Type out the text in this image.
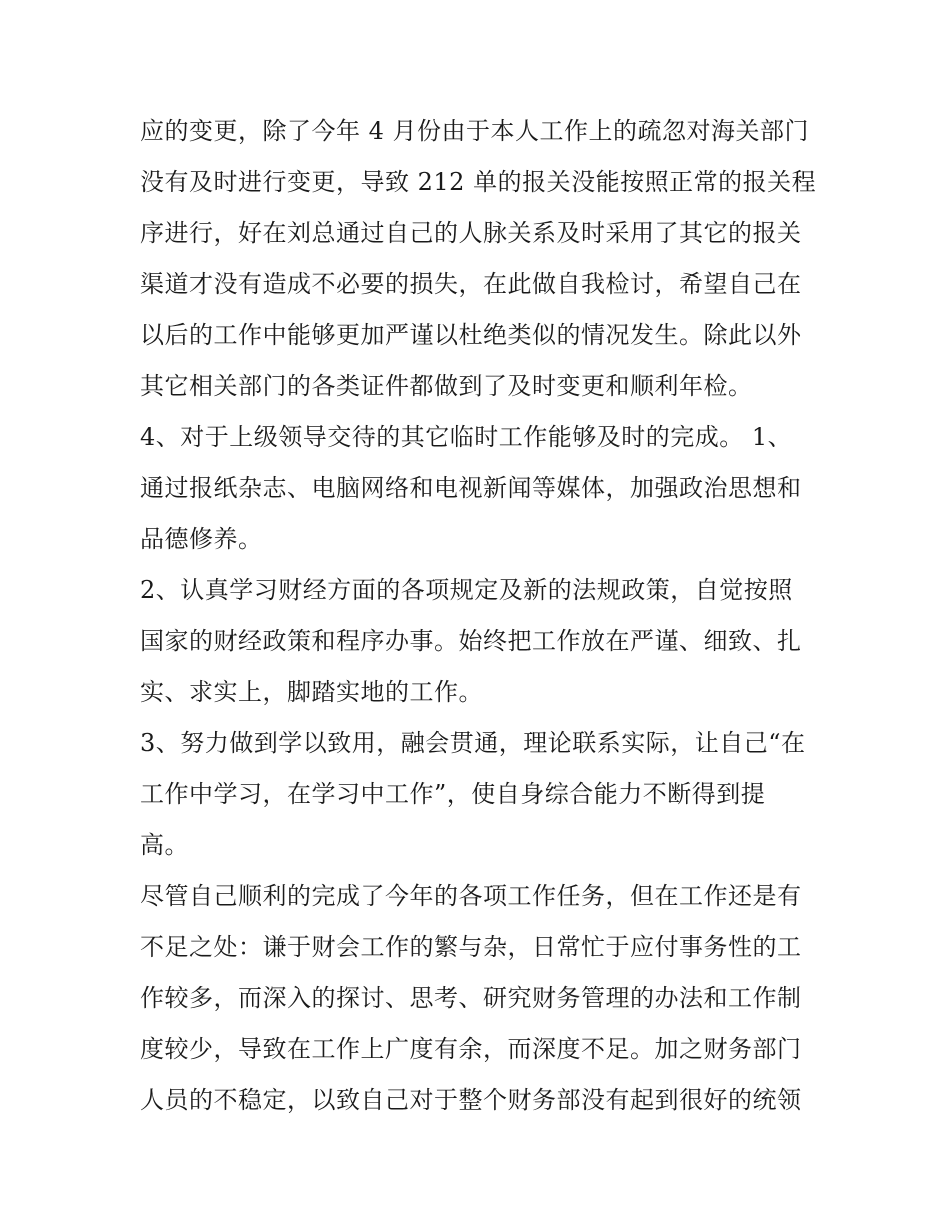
应的变更，除了今年 4 月份由于本人工作上的疏忽对海关部门
没有及时进行变更，导致 212 单的报关没能按照正常的报关程
序进行，好在刘总通过自己的人脉关系及时采用了其它的报关
渠道才没有造成不必要的损失，在此做自我检讨，希望自己在
以后的工作中能够更加严谨以杜绝类似的情况发生。除此以外
其它相关部门的各类证件都做到了及时变更和顺利年检。
4、对于上级领导交待的其它临时工作能够及时的完成。 1、
通过报纸杂志、电脑网络和电视新闻等媒体，加强政治思想和
品德修养。
2、认真学习财经方面的各项规定及新的法规政策，自觉按照
国家的财经政策和程序办事。始终把工作放在严谨、细致、扎
实、求实上，脚踏实地的工作。
3、努力做到学以致用，融会贯通，理论联系实际，让自己“在
工作中学习，在学习中工作”，使自身综合能力不断得到提
高。
尽管自己顺利的完成了今年的各项工作任务，但在工作还是有
不足之处：谦于财会工作的繁与杂，日常忙于应付事务性的工
作较多，而深入的探讨、思考、研究财务管理的办法和工作制
度较少，导致在工作上广度有余，而深度不足。加之财务部门
人员的不稳定，以致自己对于整个财务部没有起到很好的统领
